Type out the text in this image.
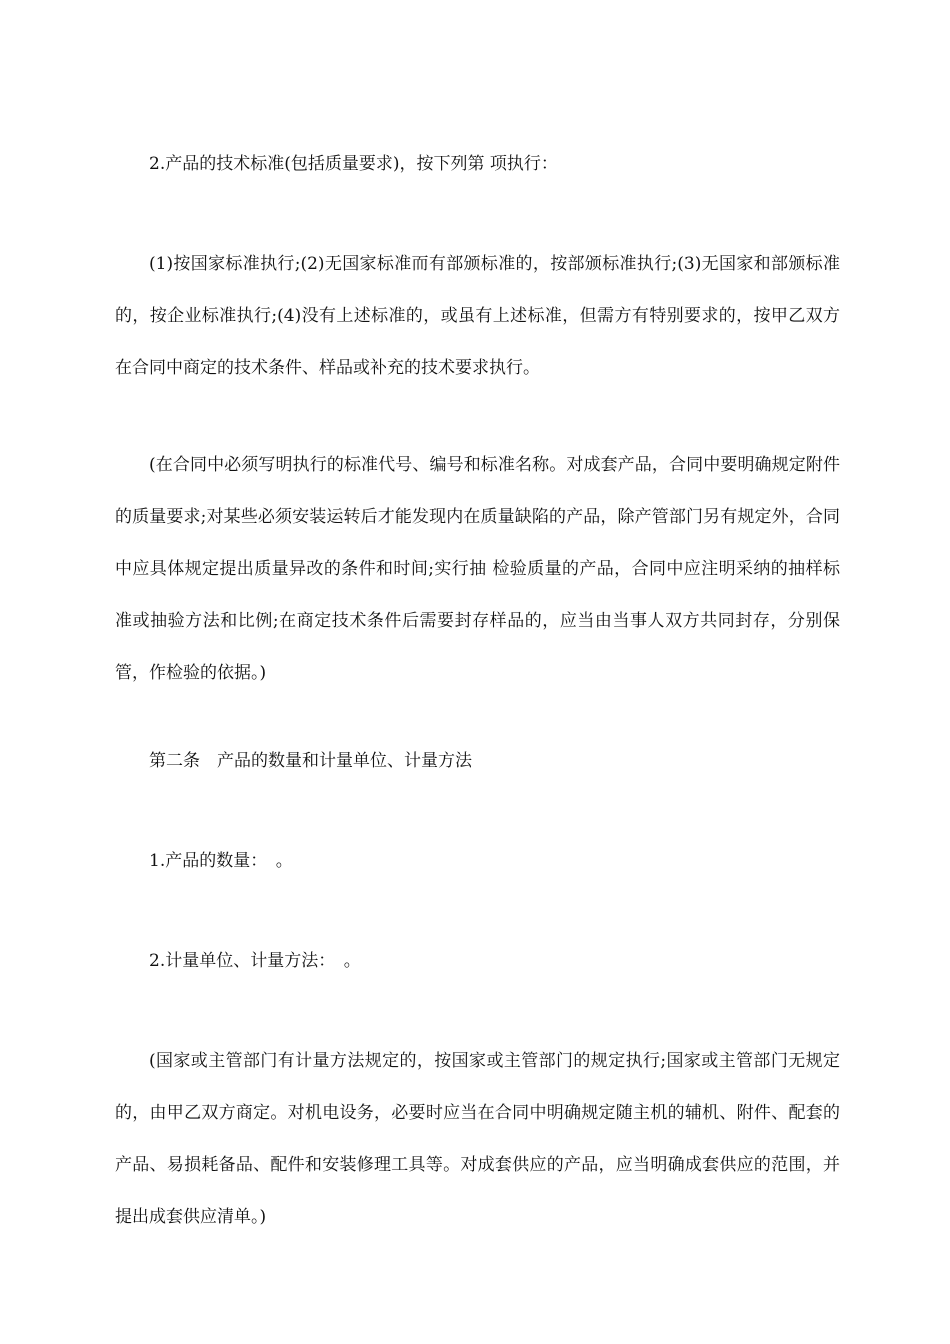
2.产品的技术标准(包括质量要求)，按下列第 项执行：

(1)按国家标准执行;(2)无国家标准而有部颁标准的，按部颁标准执行;(3)无国家和部颁标准的，按企业标准执行;(4)没有上述标准的，或虽有上述标准，但需方有特别要求的，按甲乙双方在合同中商定的技术条件、样品或补充的技术要求执行。

(在合同中必须写明执行的标准代号、编号和标准名称。对成套产品，合同中要明确规定附件的质量要求;对某些必须安装运转后才能发现内在质量缺陷的产品，除产管部门另有规定外，合同中应具体规定提出质量异改的条件和时间;实行抽 检验质量的产品，合同中应注明采纳的抽样标准或抽验方法和比例;在商定技术条件后需要封存样品的，应当由当事人双方共同封存，分别保管，作检验的依据。)

第二条　产品的数量和计量单位、计量方法

1.产品的数量：　。

2.计量单位、计量方法：　。

(国家或主管部门有计量方法规定的，按国家或主管部门的规定执行;国家或主管部门无规定的，由甲乙双方商定。对机电设务，必要时应当在合同中明确规定随主机的辅机、附件、配套的产品、易损耗备品、配件和安装修理工具等。对成套供应的产品，应当明确成套供应的范围，并提出成套供应清单。)
